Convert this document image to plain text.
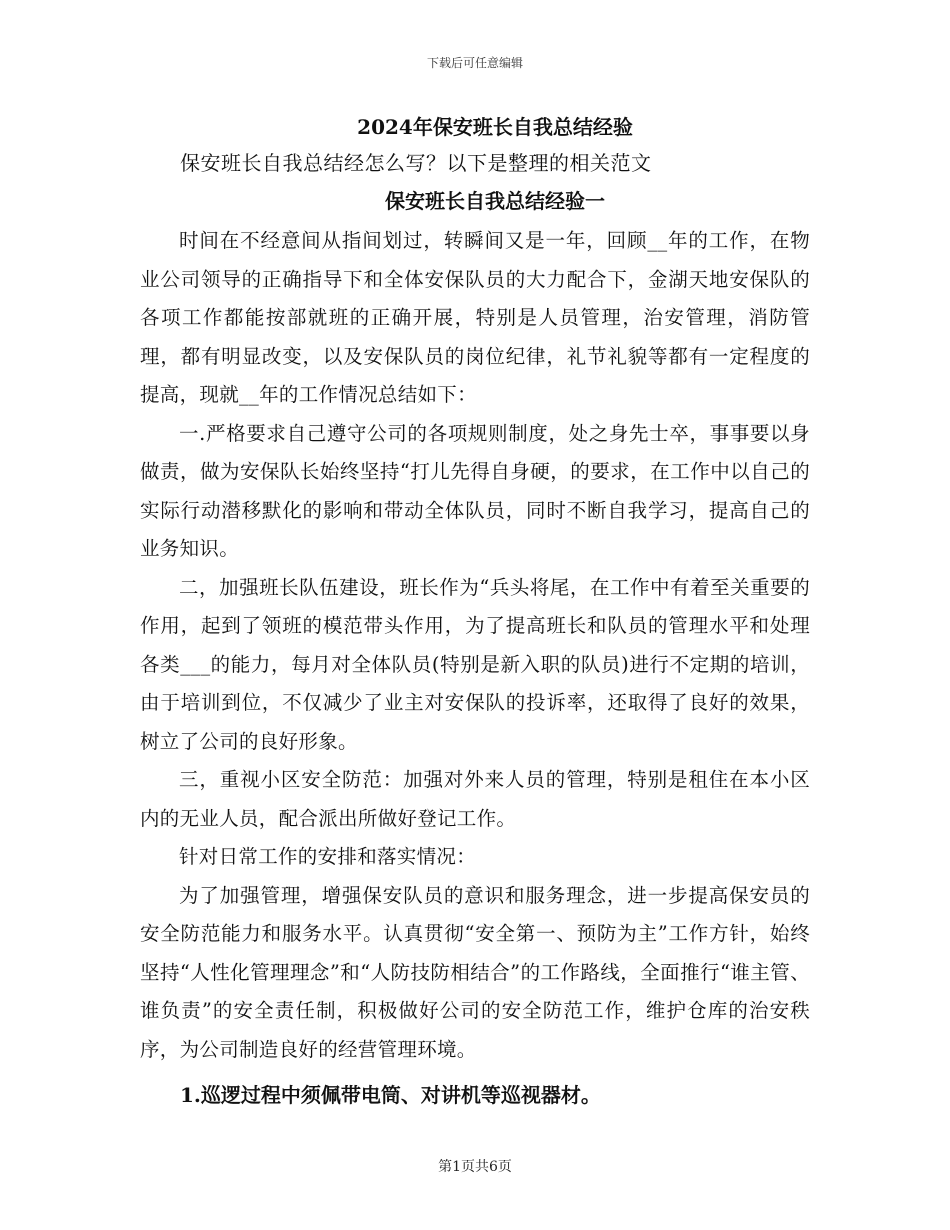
下载后可任意编辑
2024年保安班长自我总结经验

保安班长自我总结经怎么写？以下是整理的相关范文

保安班长自我总结经验一

时间在不经意间从指间划过，转瞬间又是一年，回顾__年的工作，在物业公司领导的正确指导下和全体安保队员的大力配合下，金湖天地安保队的各项工作都能按部就班的正确开展，特别是人员管理，治安管理，消防管理，都有明显改变，以及安保队员的岗位纪律，礼节礼貌等都有一定程度的提高，现就__年的工作情况总结如下：

一.严格要求自己遵守公司的各项规则制度，处之身先士卒，事事要以身做责，做为安保队长始终坚持“打儿先得自身硬，的要求，在工作中以自己的实际行动潜移默化的影响和带动全体队员，同时不断自我学习，提高自己的业务知识。

二，加强班长队伍建设，班长作为“兵头将尾，在工作中有着至关重要的作用，起到了领班的模范带头作用，为了提高班长和队员的管理水平和处理各类___的能力，每月对全体队员(特别是新入职的队员)进行不定期的培训，由于培训到位，不仅减少了业主对安保队的投诉率，还取得了良好的效果，树立了公司的良好形象。

三，重视小区安全防范：加强对外来人员的管理，特别是租住在本小区内的无业人员，配合派出所做好登记工作。

针对日常工作的安排和落实情况：

为了加强管理，增强保安队员的意识和服务理念，进一步提高保安员的安全防范能力和服务水平。认真贯彻“安全第一、预防为主”工作方针，始终坚持“人性化管理理念”和“人防技防相结合”的工作路线，全面推行“谁主管、谁负责”的安全责任制，积极做好公司的安全防范工作，维护仓库的治安秩序，为公司制造良好的经营管理环境。

1.巡逻过程中须佩带电筒、对讲机等巡视器材。

第1页共6页
